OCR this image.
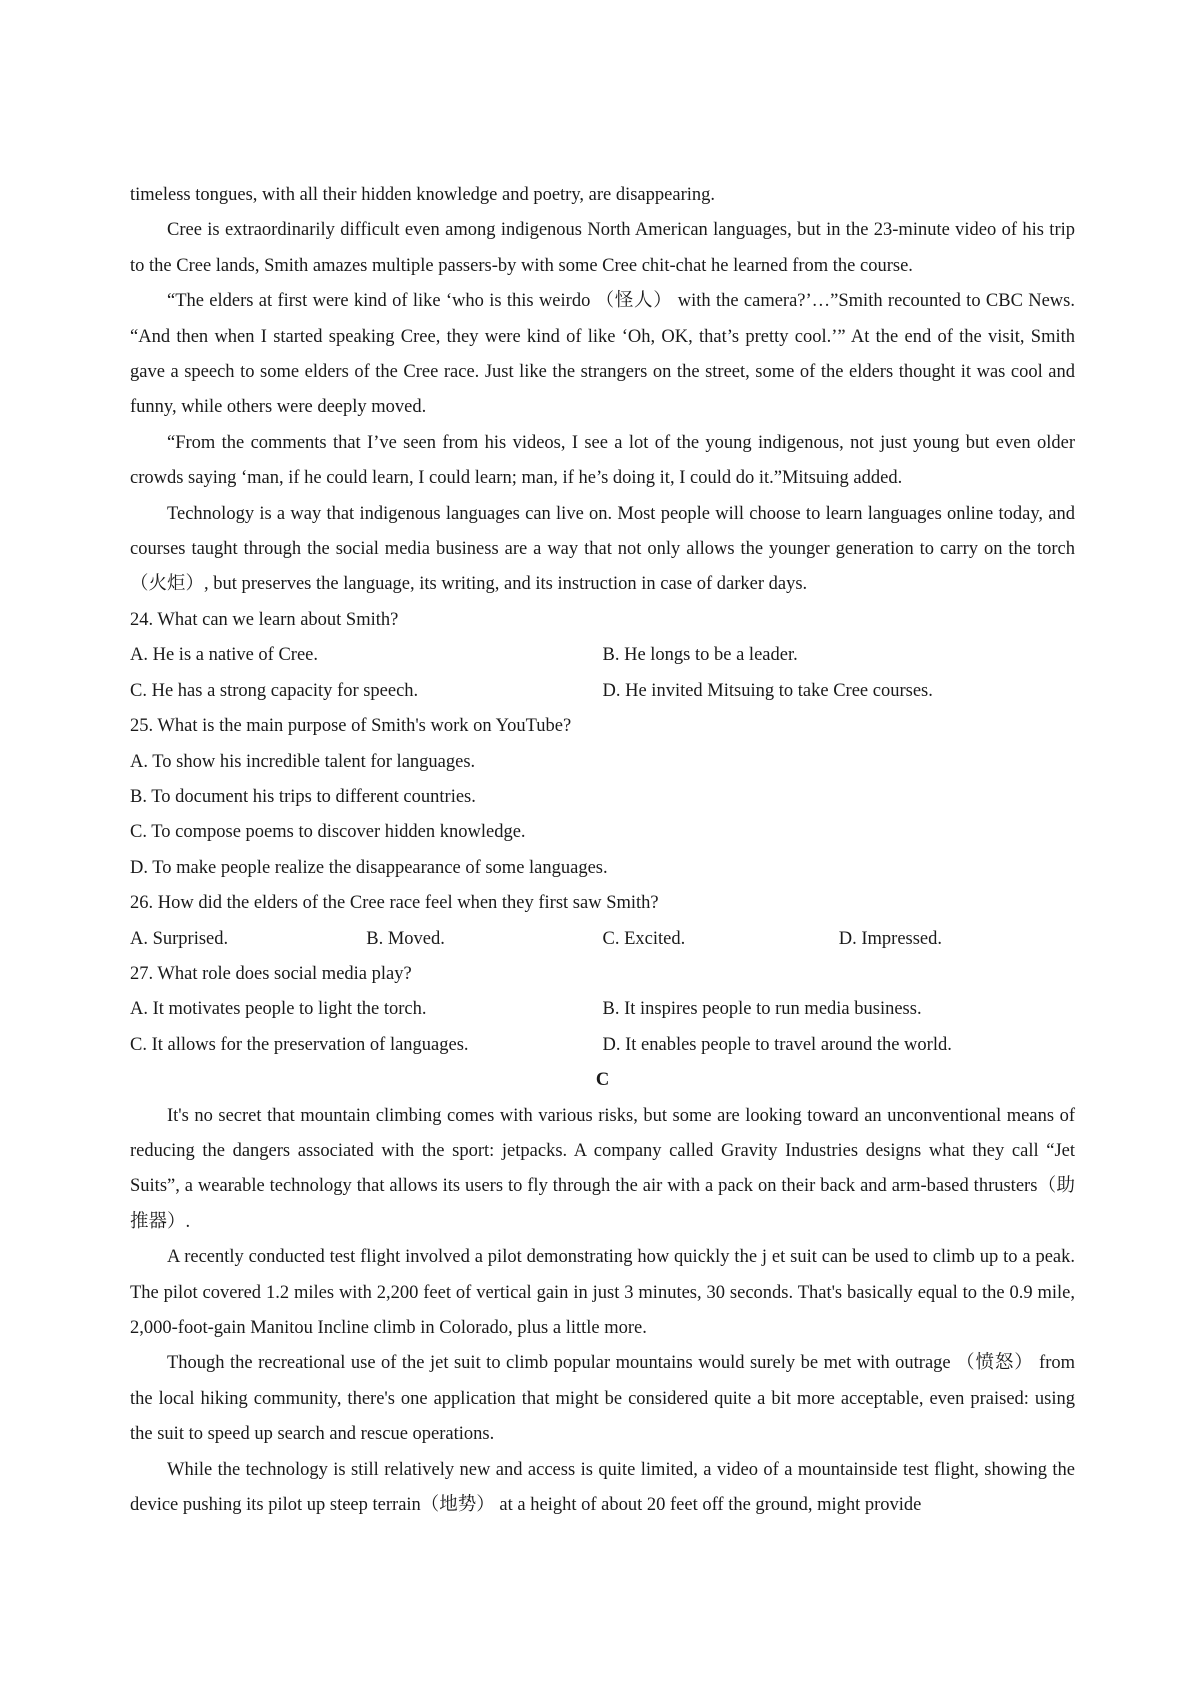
timeless tongues, with all their hidden knowledge and poetry, are disappearing.

Cree is extraordinarily difficult even among indigenous North American languages, but in the 23-minute video of his trip to the Cree lands, Smith amazes multiple passers-by with some Cree chit-chat he learned from the course.

“The elders at first were kind of like ‘who is this weirdo （怪人） with the camera?’…”Smith recounted to CBC News. “And then when I started speaking Cree, they were kind of like ‘Oh, OK, that’s pretty cool.’” At the end of the visit, Smith gave a speech to some elders of the Cree race. Just like the strangers on the street, some of the elders thought it was cool and funny, while others were deeply moved.

“From the comments that I’ve seen from his videos, I see a lot of the young indigenous, not just young but even older crowds saying ‘man, if he could learn, I could learn; man, if he’s doing it, I could do it.”Mitsuing added.

Technology is a way that indigenous languages can live on. Most people will choose to learn languages online today, and courses taught through the social media business are a way that not only allows the younger generation to carry on the torch （火炬）, but preserves the language, its writing, and its instruction in case of darker days.

24. What can we learn about Smith?

A. He is a native of Cree.	B. He longs to be a leader.
C. He has a strong capacity for speech.	D. He invited Mitsuing to take Cree courses.

25. What is the main purpose of Smith's work on YouTube?

A. To show his incredible talent for languages.
B. To document his trips to different countries.
C. To compose poems to discover hidden knowledge.
D. To make people realize the disappearance of some languages.

26. How did the elders of the Cree race feel when they first saw Smith?

A. Surprised.	B. Moved.	C. Excited.	D. Impressed.

27. What role does social media play?

A. It motivates people to light the torch.	B. It inspires people to run media business.
C. It allows for the preservation of languages.	D. It enables people to travel around the world.
C

It's no secret that mountain climbing comes with various risks, but some are looking toward an unconventional means of reducing the dangers associated with the sport: jetpacks. A company called Gravity Industries designs what they call “Jet Suits”, a wearable technology that allows its users to fly through the air with a pack on their back and arm-based thrusters（助推器）.

A recently conducted test flight involved a pilot demonstrating how quickly the j et suit can be used to climb up to a peak. The pilot covered 1.2 miles with 2,200 feet of vertical gain in just 3 minutes, 30 seconds. That's basically equal to the 0.9 mile, 2,000-foot-gain Manitou Incline climb in Colorado, plus a little more.

Though the recreational use of the jet suit to climb popular mountains would surely be met with outrage （愤怒） from the local hiking community, there's one application that might be considered quite a bit more acceptable, even praised: using the suit to speed up search and rescue operations.

While the technology is still relatively new and access is quite limited, a video of a mountainside test flight, showing the device pushing its pilot up steep terrain（地势） at a height of about 20 feet off the ground, might provide
